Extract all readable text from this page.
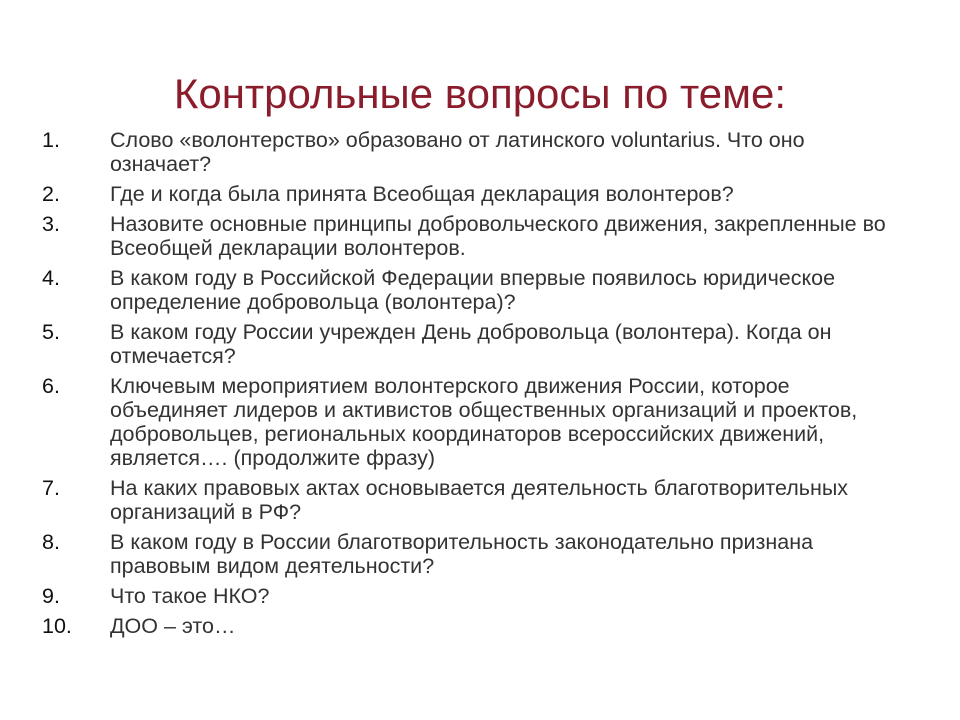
Контрольные вопросы по теме:
1.	Слово «волонтерство» образовано от латинского voluntarius. Что оно означает?
2.	Где и когда была принята Всеобщая декларация волонтеров?
3.	Назовите основные принципы добровольческого движения, закрепленные во Всеобщей декларации волонтеров.
4.	В каком году в Российской Федерации впервые появилось юридическое определение добровольца (волонтера)?
5.	В каком году России учрежден День добровольца (волонтера). Когда он отмечается?
6.	Ключевым мероприятием волонтерского движения России, которое объединяет лидеров и активистов общественных организаций и проектов, добровольцев, региональных координаторов всероссийских движений, является…. (продолжите фразу)
7.	На каких правовых актах основывается деятельность благотворительных организаций в РФ?
8.	В каком году в России благотворительность законодательно признана правовым видом деятельности?
9.	Что такое НКО?
10.	ДОО – это…
